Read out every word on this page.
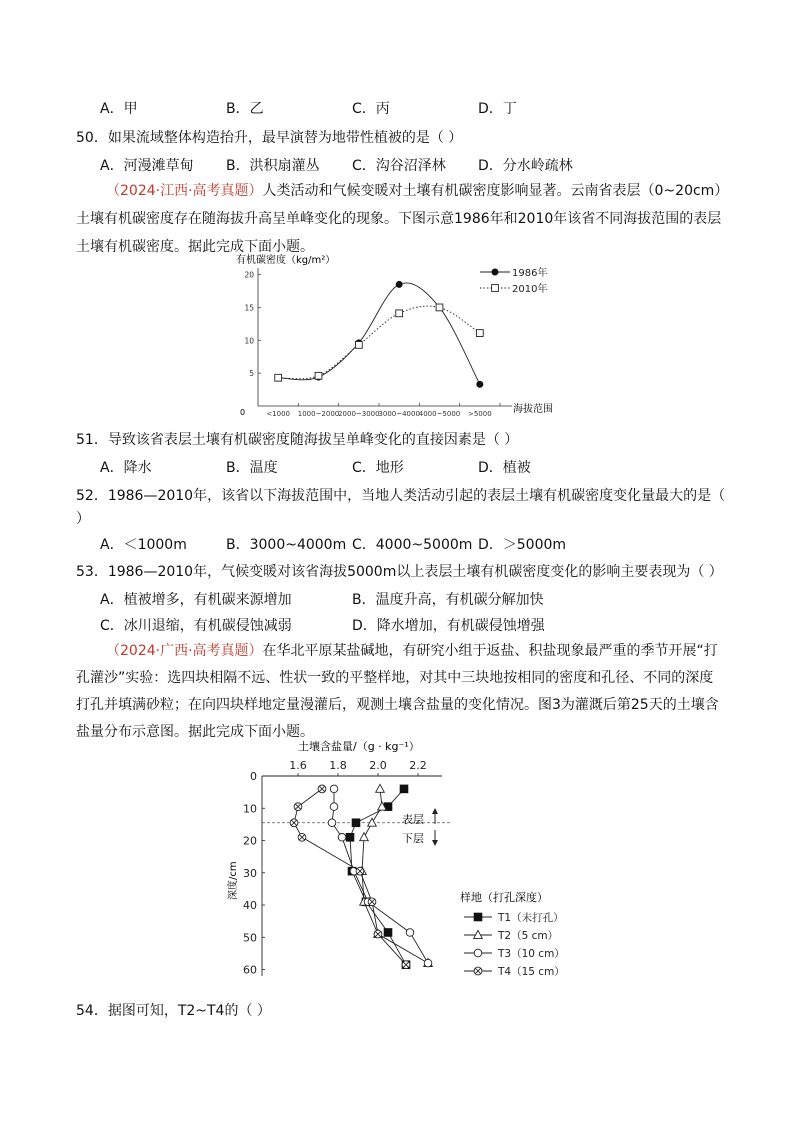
A．甲	B．乙	C．丙	D．丁
50．如果流域整体构造抬升，最早演替为地带性植被的是（ ）
A．河漫滩草甸	B．洪积扇灌丛	C．沟谷沼泽林	D．分水岭疏林
（2024·江西·高考真题）人类活动和气候变暖对土壤有机碳密度影响显著。云南省表层（0~20cm）
土壤有机碳密度存在随海拔升高呈单峰变化的现象。下图示意1986年和2010年该省不同海拔范围的表层
土壤有机碳密度。据此完成下面小题。
有机碳密度（kg/m²）
海拔范围
0
5
10
15
20
<1000 1000~2000
2000~3000
3000~4000
4000~5000 >5000
1986年
2010年
51．导致该省表层土壤有机碳密度随海拔呈单峰变化的直接因素是（ ）
A．降水	B．温度	C．地形	D．植被
52．1986—2010年，该省以下海拔范围中，当地人类活动引起的表层土壤有机碳密度变化量最大的是（
）
A．＜1000m	B．3000~4000m C．4000~5000m D．＞5000m
53．1986—2010年，气候变暖对该省海拔5000m以上表层土壤有机碳密度变化的影响主要表现为（ ）
A．植被增多，有机碳来源增加	B．温度升高，有机碳分解加快
C．冰川退缩，有机碳侵蚀减弱	D．降水增加，有机碳侵蚀增强
（2024·广西·高考真题）在华北平原某盐碱地，有研究小组于返盐、积盐现象最严重的季节开展“打
孔灌沙”实验：选四块相隔不远、性状一致的平整样地，对其中三块地按相同的密度和孔径、不同的深度
打孔并填满砂粒；在向四块样地定量漫灌后，观测土壤含盐量的变化情况。图3为灌溉后第25天的土壤含
盐量分布示意图。据此完成下面小题。
土壤含盐量/（g · kg⁻¹）
深度/cm
1.6 1.8 2.0 2.2
0
10
20
30
40
50
60
表层
下层
样地（打孔深度）
T1（未打孔）
T2（5 cm）
T3（10 cm）
T4（15 cm）
54．据图可知，T2~T4的（ ）
